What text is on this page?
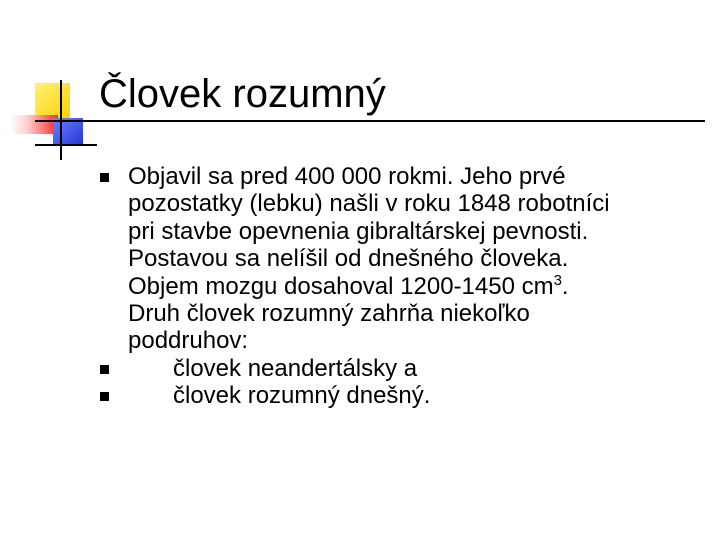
Človek rozumný
Objavil sa pred 400 000 rokmi. Jeho prvé
pozostatky (lebku) našli v roku 1848 robotníci
pri stavbe opevnenia gibraltárskej pevnosti.
Postavou sa nelíšil od dnešného človeka.
Objem mozgu dosahoval 1200-1450 $cm^3$.
Druh človek rozumný zahrňa niekoľko
poddruhov:
človek neandertálsky a
človek rozumný dnešný.
